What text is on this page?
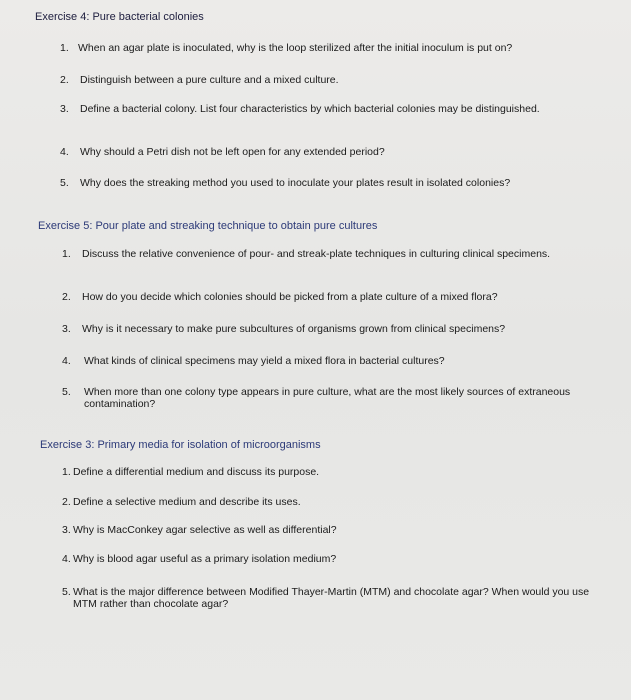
Exercise 4: Pure bacterial colonies
1. When an agar plate is inoculated, why is the loop sterilized after the initial inoculum is put on?
2. Distinguish between a pure culture and a mixed culture.
3. Define a bacterial colony. List four characteristics by which bacterial colonies may be distinguished.
4. Why should a Petri dish not be left open for any extended period?
5. Why does the streaking method you used to inoculate your plates result in isolated colonies?
Exercise 5: Pour plate and streaking technique to obtain pure cultures
1. Discuss the relative convenience of pour- and streak-plate techniques in culturing clinical specimens.
2. How do you decide which colonies should be picked from a plate culture of a mixed flora?
3. Why is it necessary to make pure subcultures of organisms grown from clinical specimens?
4. What kinds of clinical specimens may yield a mixed flora in bacterial cultures?
5. When more than one colony type appears in pure culture, what are the most likely sources of extraneous contamination?
Exercise 3: Primary media for isolation of microorganisms
1. Define a differential medium and discuss its purpose.
2. Define a selective medium and describe its uses.
3. Why is MacConkey agar selective as well as differential?
4. Why is blood agar useful as a primary isolation medium?
5. What is the major difference between Modified Thayer-Martin (MTM) and chocolate agar? When would you use MTM rather than chocolate agar?
